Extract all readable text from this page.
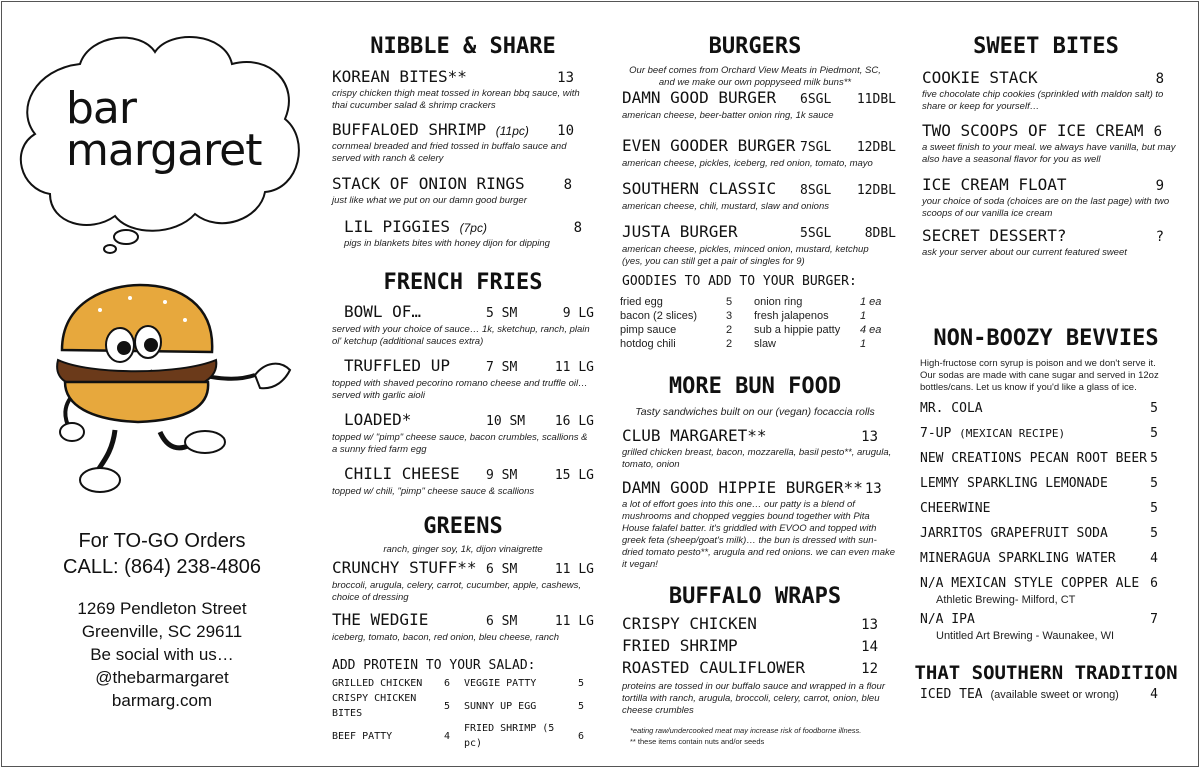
bar
margaret
For TO-GO Orders
CALL: (864) 238-4806
1269 Pendleton Street
Greenville, SC 29611
Be social with us…
@thebarmargaret
barmarg.com
NIBBLE & SHARE
KOREAN BITES**	13
crispy chicken thigh meat tossed in korean bbq sauce, with thai cucumber salad & shrimp crackers
BUFFALOED SHRIMP (11pc) 10
cornmeal breaded and fried tossed in buffalo sauce and served with ranch & celery
STACK OF ONION RINGS	8
just like what we put on our damn good burger
LIL PIGGIES (7pc)	8
pigs in blankets bites with honey dijon for dipping
FRENCH FRIES
BOWL OF…	5 SM	9 LG
served with your choice of sauce… 1k, sketchup, ranch, plain ol' ketchup (additional sauces extra)
TRUFFLED UP	7 SM	11 LG
topped with shaved pecorino romano cheese and truffle oil… served with garlic aioli
LOADED*	10 SM	16 LG
topped w/ "pimp" cheese sauce, bacon crumbles, scallions & a sunny fried farm egg
CHILI CHEESE 9 SM	15 LG
topped w/ chili, "pimp" cheese sauce & scallions
GREENS
ranch, ginger soy, 1k, dijon vinaigrette
CRUNCHY STUFF** 6 SM	11 LG
broccoli, arugula, celery, carrot, cucumber, apple, cashews, choice of dressing
THE WEDGIE	6 SM	11 LG
iceberg, tomato, bacon, red onion, bleu cheese, ranch
ADD PROTEIN TO YOUR SALAD:
GRILLED CHICKEN	6	VEGGIE PATTY	5
CRISPY CHICKEN BITES	5	SUNNY UP EGG	5
BEEF PATTY	4	FRIED SHRIMP (5 pc)	6
BURGERS
Our beef comes from Orchard View Meats in Piedmont, SC, and we make our own poppyseed milk buns**
DAMN GOOD BURGER 6SGL	11DBL
american cheese, beer-batter onion ring, 1k sauce
EVEN GOODER BURGER 7SGL	12DBL
american cheese, pickles, iceberg, red onion, tomato, mayo
SOUTHERN CLASSIC 8SGL	12DBL
american cheese, chili, mustard, slaw and onions
JUSTA BURGER	5SGL	8DBL
american cheese, pickles, minced onion, mustard, ketchup (yes, you can still get a pair of singles for 9)
GOODIES TO ADD TO YOUR BURGER:
fried egg	5	onion ring	1 ea
bacon (2 slices)	3	fresh jalapenos	1
pimp sauce	2	sub a hippie patty	4 ea
hotdog chili	2	slaw	1
MORE BUN FOOD
Tasty sandwiches built on our (vegan) focaccia rolls
CLUB MARGARET**	13
grilled chicken breast, bacon, mozzarella, basil pesto**, arugula, tomato, onion
DAMN GOOD HIPPIE BURGER** 13
a lot of effort goes into this one… our patty is a blend of mushrooms and chopped veggies bound together with Pita House falafel batter. it's griddled with EVOO and topped with greek feta (sheep/goat's milk)… the bun is dressed with sun-dried tomato pesto**, arugula and red onions. we can even make it vegan!
BUFFALO WRAPS
CRISPY CHICKEN	13
FRIED SHRIMP	14
ROASTED CAULIFLOWER	12
proteins are tossed in our buffalo sauce and wrapped in a flour tortilla with ranch, arugula, broccoli, celery, carrot, onion, bleu cheese crumbles
*eating raw/undercooked meat may increase risk of foodborne illness.
** these items contain nuts and/or seeds
SWEET BITES
COOKIE STACK	8
five chocolate chip cookies (sprinkled with maldon salt) to share or keep for yourself…
TWO SCOOPS OF ICE CREAM 6
a sweet finish to your meal. we always have vanilla, but may also have a seasonal flavor for you as well
ICE CREAM FLOAT	9
your choice of soda (choices are on the last page) with two scoops of our vanilla ice cream
SECRET DESSERT?	?
ask your server about our current featured sweet
NON-BOOZY BEVVIES
High-fructose corn syrup is poison and we don't serve it. Our sodas are made with cane sugar and served in 12oz bottles/cans. Let us know if you'd like a glass of ice.
MR. COLA	5
7-UP (MEXICAN RECIPE)	5
NEW CREATIONS PECAN ROOT BEER 5
LEMMY SPARKLING LEMONADE	5
CHEERWINE	5
JARRITOS GRAPEFRUIT SODA	5
MINERAGUA SPARKLING WATER	4
N/A MEXICAN STYLE COPPER ALE 6
Athletic Brewing- Milford, CT
N/A IPA	7
Untitled Art Brewing - Waunakee, WI
THAT SOUTHERN TRADITION
ICED TEA (available sweet or wrong) 4
